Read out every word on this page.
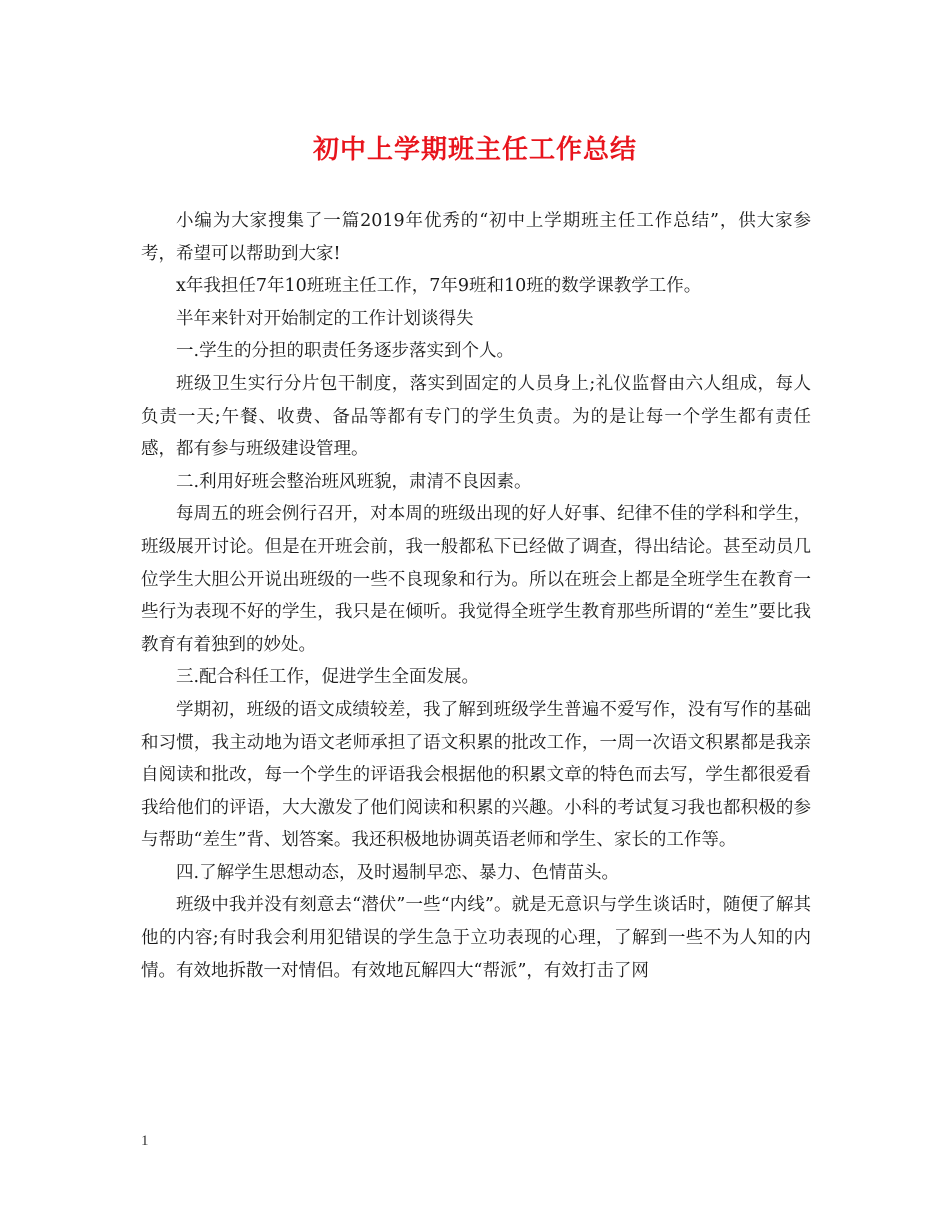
初中上学期班主任工作总结

小编为大家搜集了一篇2019年优秀的“初中上学期班主任工作总结”，供大家参考，希望可以帮助到大家!

x年我担任7年10班班主任工作，7年9班和10班的数学课教学工作。

半年来针对开始制定的工作计划谈得失

一.学生的分担的职责任务逐步落实到个人。

班级卫生实行分片包干制度，落实到固定的人员身上;礼仪监督由六人组成，每人负责一天;午餐、收费、备品等都有专门的学生负责。为的是让每一个学生都有责任感，都有参与班级建设管理。

二.利用好班会整治班风班貌，肃清不良因素。

每周五的班会例行召开，对本周的班级出现的好人好事、纪律不佳的学科和学生，班级展开讨论。但是在开班会前，我一般都私下已经做了调查，得出结论。甚至动员几位学生大胆公开说出班级的一些不良现象和行为。所以在班会上都是全班学生在教育一些行为表现不好的学生，我只是在倾听。我觉得全班学生教育那些所谓的“差生”要比我教育有着独到的妙处。

三.配合科任工作，促进学生全面发展。

学期初，班级的语文成绩较差，我了解到班级学生普遍不爱写作，没有写作的基础和习惯，我主动地为语文老师承担了语文积累的批改工作，一周一次语文积累都是我亲自阅读和批改，每一个学生的评语我会根据他的积累文章的特色而去写，学生都很爱看我给他们的评语，大大激发了他们阅读和积累的兴趣。小科的考试复习我也都积极的参与帮助“差生”背、划答案。我还积极地协调英语老师和学生、家长的工作等。

四.了解学生思想动态，及时遏制早恋、暴力、色情苗头。

班级中我并没有刻意去“潜伏”一些“内线”。就是无意识与学生谈话时，随便了解其他的内容;有时我会利用犯错误的学生急于立功表现的心理，了解到一些不为人知的内情。有效地拆散一对情侣。有效地瓦解四大“帮派”，有效打击了网

1
